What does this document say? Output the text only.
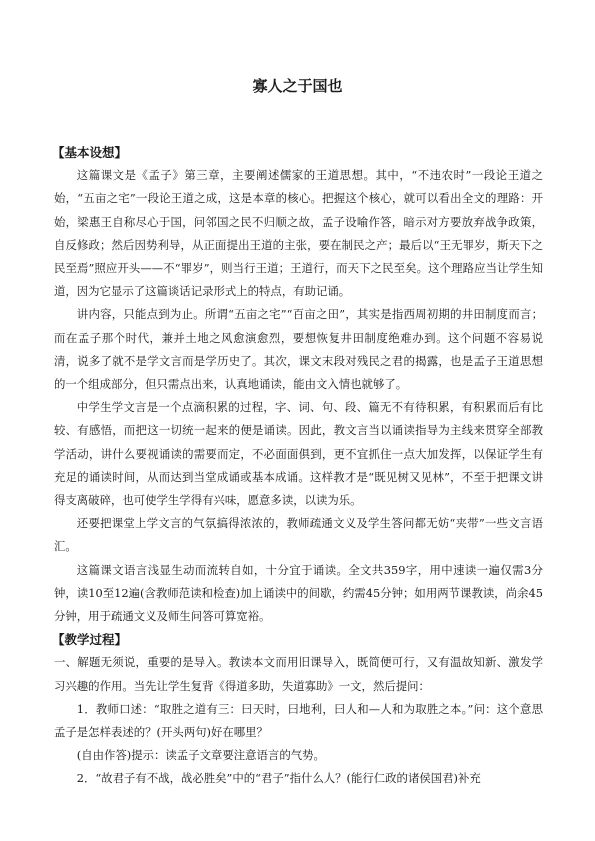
寡人之于国也
【基本设想】

这篇课文是《孟子》第三章，主要阐述儒家的王道思想。其中，“不违农时”一段论王道之始，“五亩之宅”一段论王道之成，这是本章的核心。把握这个核心，就可以看出全文的理路：开始，梁惠王自称尽心于国，问邻国之民不归顺之故，孟子设喻作答，暗示对方要放弃战争政策，自反修政；然后因势利导，从正面提出王道的主张，要在制民之产；最后以“王无罪岁，斯天下之民至焉”照应开头——不“罪岁”，则当行王道；王道行，而天下之民至矣。这个理路应当让学生知道，因为它显示了这篇谈话记录形式上的特点，有助记诵。

讲内容，只能点到为止。所谓“五亩之宅”“百亩之田”，其实是指西周初期的井田制度而言；而在孟子那个时代，兼并土地之风愈演愈烈，要想恢复井田制度绝难办到。这个问题不容易说清，说多了就不是学文言而是学历史了。其次，课文末段对残民之君的揭露，也是孟子王道思想的一个组成部分，但只需点出来，认真地诵读，能由文入情也就够了。

中学生学文言是一个点滴积累的过程，字、词、句、段、篇无不有待积累，有积累而后有比较、有感悟，而把这一切统一起来的便是诵读。因此，教文言当以诵读指导为主线来贯穿全部教学活动，讲什么要视诵读的需要而定，不必面面俱到，更不宜抓住一点大加发挥，以保证学生有充足的诵读时间，从而达到当堂成诵或基本成诵。这样教才是“既见树又见林”，不至于把课文讲得支离破碎，也可使学生学得有兴味，愿意多读，以读为乐。

还要把课堂上学文言的气氛搞得浓浓的，教师疏通文义及学生答问都无妨“夹带”一些文言语汇。

这篇课文语言浅显生动而流转自如，十分宜于诵读。全文共359字，用中速读一遍仅需3分钟，读10至12遍(含教师范读和检查)加上诵读中的间歇，约需45分钟；如用两节课教读，尚余45分钟，用于疏通文义及师生问答可算宽裕。

【教学过程】

一、解题无须说，重要的是导入。教读本文而用旧课导入，既简便可行，又有温故知新、激发学习兴趣的作用。当先让学生复背《得道多助，失道寡助》一文，然后提问：

1．教师口述：“取胜之道有三：曰天时，曰地利，曰人和—人和为取胜之本。”问：这个意思孟子是怎样表述的？(开头两句)好在哪里？

(自由作答)提示：读孟子文章要注意语言的气势。

2．“故君子有不战，战必胜矣”中的“君子”指什么人？(能行仁政的诸侯国君)补充
